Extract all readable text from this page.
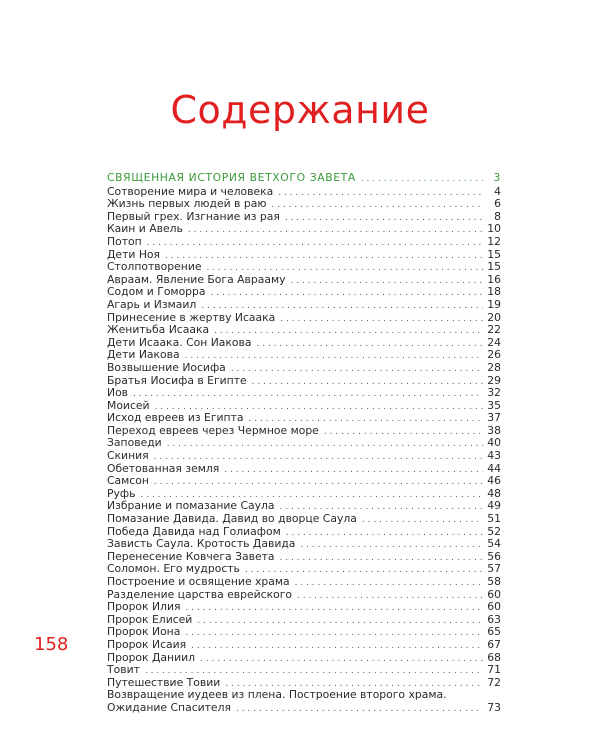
Содержание
СВЯЩЕННАЯ ИСТОРИЯ ВЕТХОГО ЗАВЕТА . . .	3
Сотворение мира и человека . . .	4
Жизнь первых людей в раю . . .	6
Первый грех. Изгнание из рая . . .	8
Каин и Авель . . .	10
Потоп . . .	12
Дети Ноя . . .	15
Столпотворение . . .	15
Авраам. Явление Бога Аврааму . . .	16
Содом и Гоморра . . .	18
Агарь и Измаил . . .	19
Принесение в жертву Исаака . . .	20
Женитьба Исаака . . .	22
Дети Исаака. Сон Иакова . . .	24
Дети Иакова . . .	26
Возвышение Иосифа . . .	28
Братья Иосифа в Египте . . .	29
Иов . . .	32
Моисей . . .	35
Исход евреев из Египта . . .	37
Переход евреев через Чермное море . . .	38
Заповеди . . .	40
Скиния . . .	43
Обетованная земля . . .	44
Самсон . . .	46
Руфь . . .	48
Избрание и помазание Саула . . .	49
Помазание Давида. Давид во дворце Саула . . .	51
Победа Давида над Голиафом . . .	52
Зависть Саула. Кротость Давида . . .	54
Перенесение Ковчега Завета . . .	56
Соломон. Его мудрость . . .	57
Построение и освящение храма . . .	58
Разделение царства еврейского . . .	60
Пророк Илия . . .	60
Пророк Елисей . . .	63
Пророк Иона . . .	65
Пророк Исаия . . .	67
Пророк Даниил . . .	68
Товит . . .	71
Путешествие Товии . . .	72
Возвращение иудеев из плена. Построение второго храма.
Ожидание Спасителя . . .	73
158
